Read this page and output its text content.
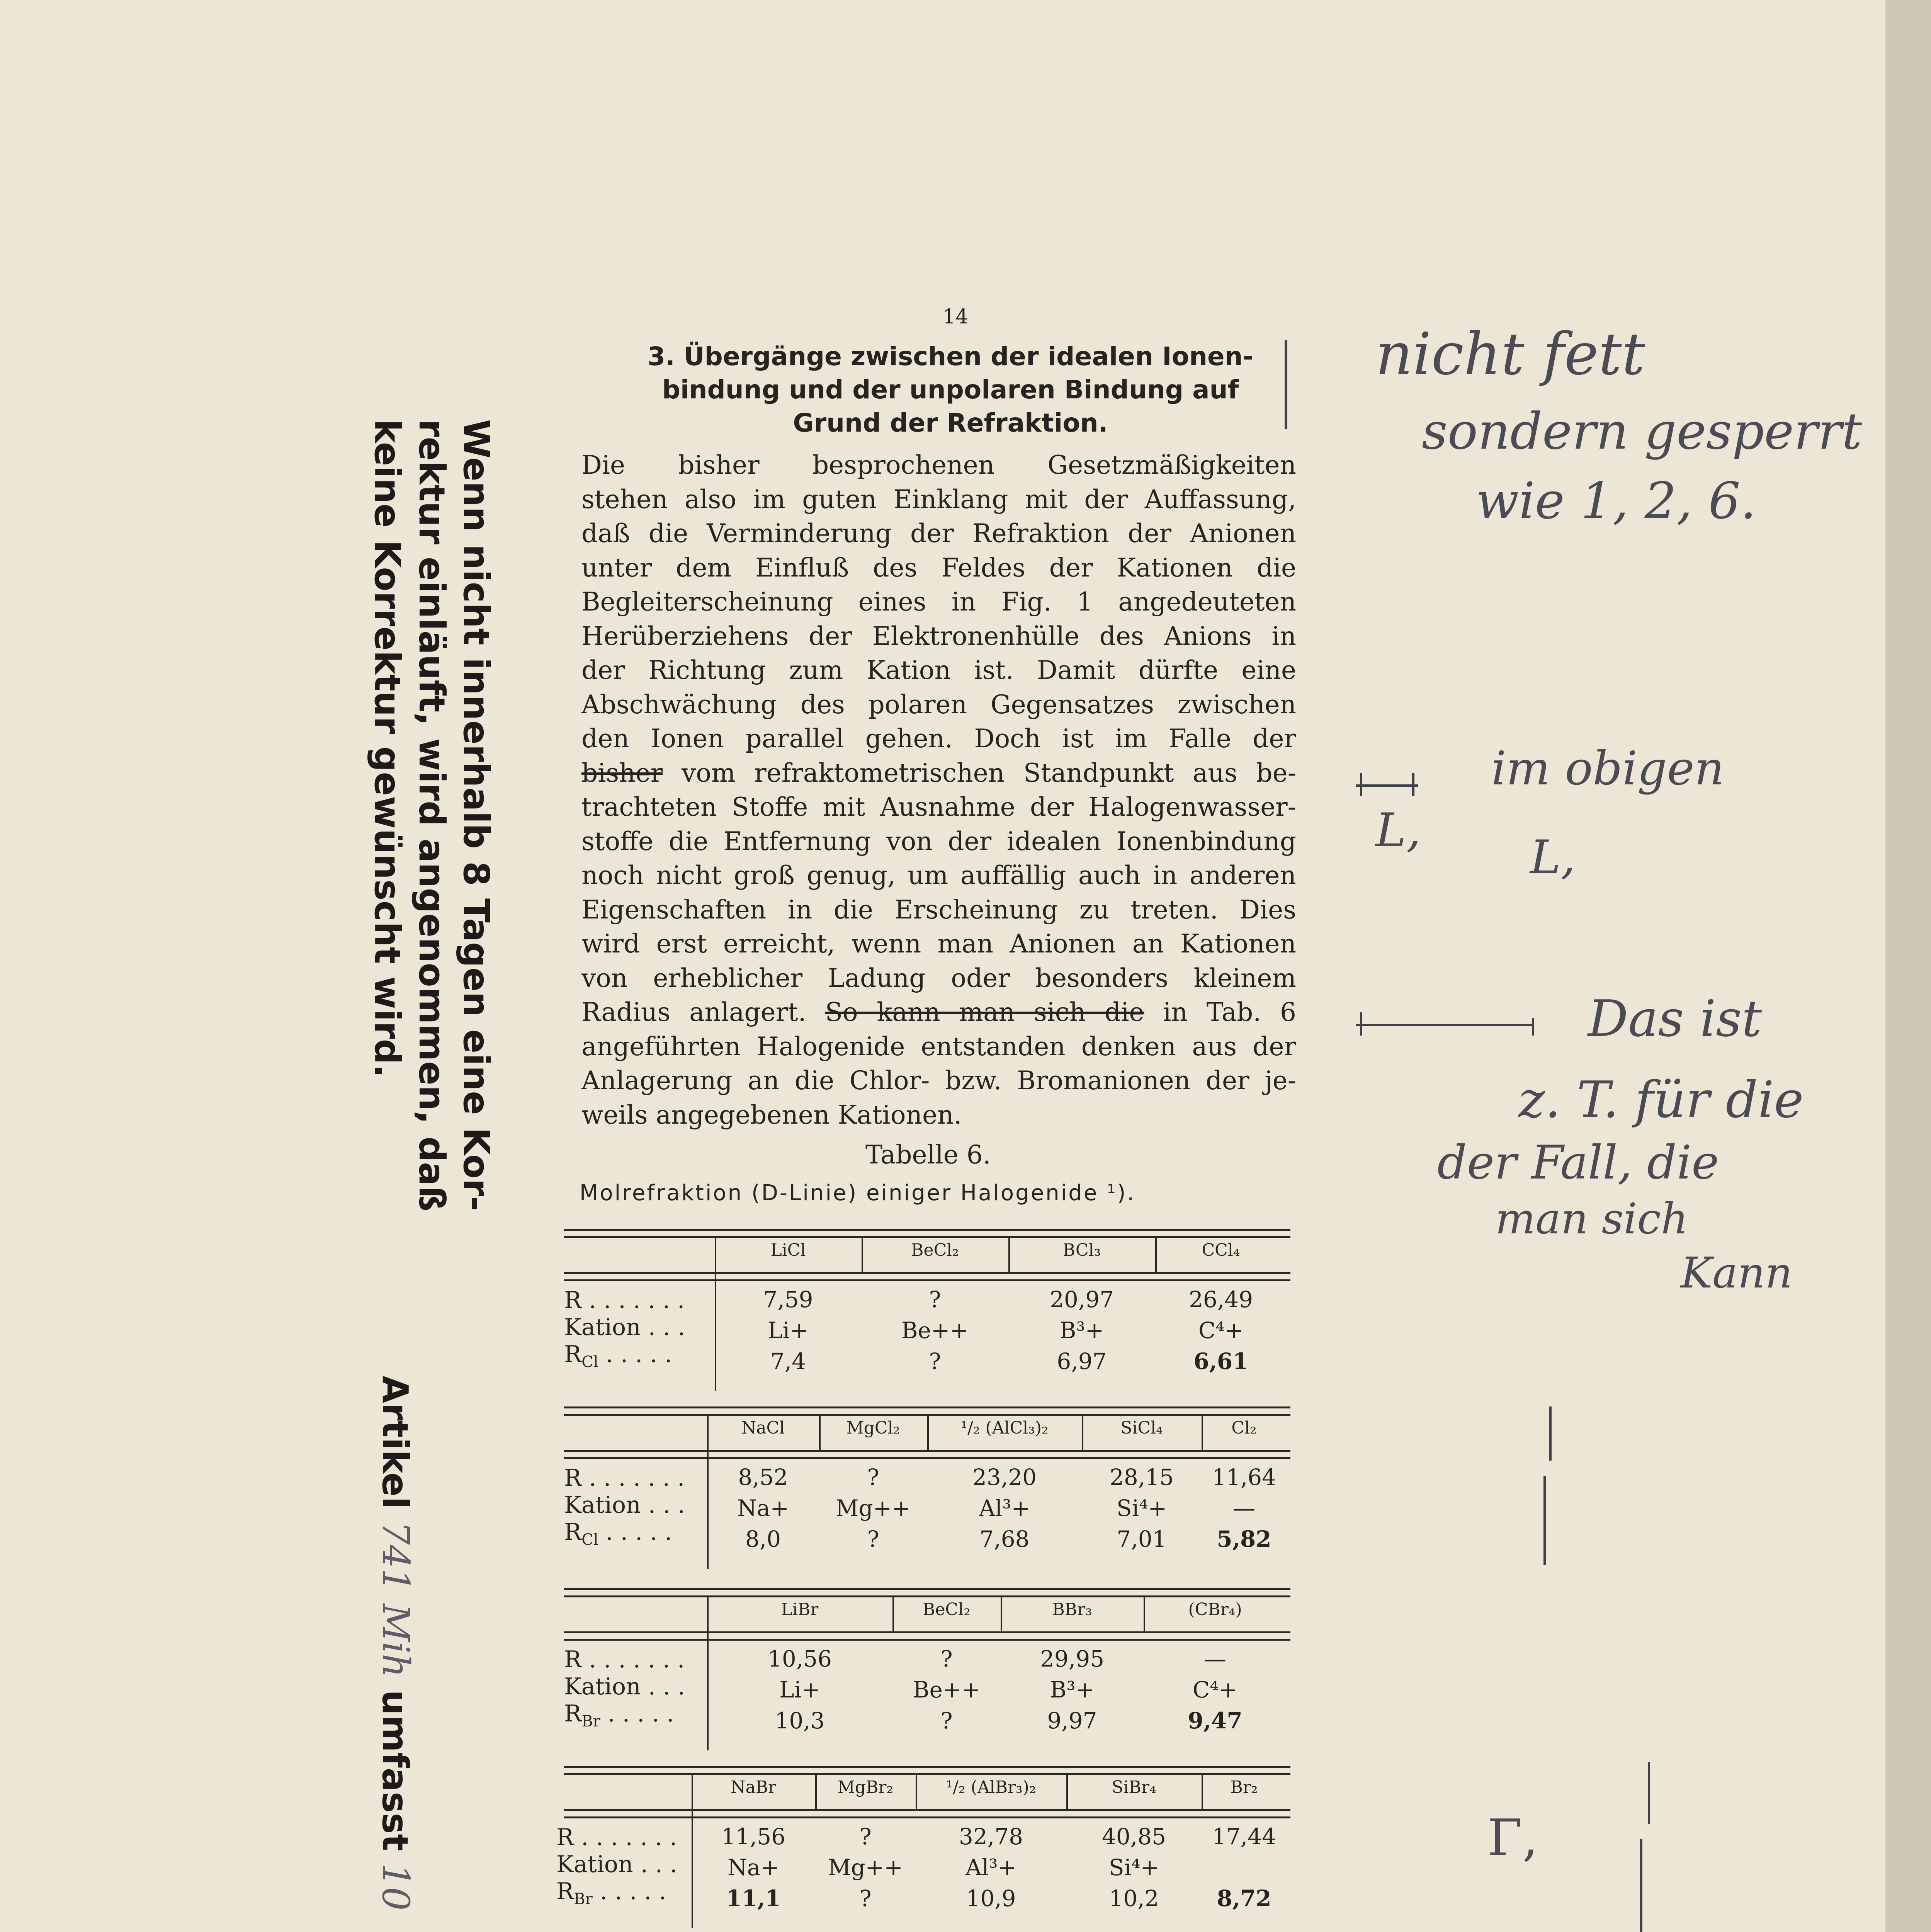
14
3. Übergänge zwischen der idealen Ionen-
bindung und der unpolaren Bindung auf
Grund der Refraktion.
Die bisher besprochenen Gesetzmäßigkeiten
stehen also im guten Einklang mit der Auffassung,
daß die Verminderung der Refraktion der Anionen
unter dem Einfluß des Feldes der Kationen die
Begleiterscheinung eines in Fig. 1 angedeuteten
Herüberziehens der Elektronenhülle des Anions in
der Richtung zum Kation ist. Damit dürfte eine
Abschwächung des polaren Gegensatzes zwischen
den Ionen parallel gehen. Doch ist im Falle der
bisher vom refraktometrischen Standpunkt aus be-
trachteten Stoffe mit Ausnahme der Halogenwasser-
stoffe die Entfernung von der idealen Ionenbindung
noch nicht groß genug, um auffällig auch in anderen
Eigenschaften in die Erscheinung zu treten. Dies
wird erst erreicht, wenn man Anionen an Kationen
von erheblicher Ladung oder besonders kleinem
Radius anlagert. So kann man sich die in Tab. 6
angeführten Halogenide entstanden denken aus der
Anlagerung an die Chlor- bzw. Bromanionen der je-
weils angegebenen Kationen.
Tabelle 6.
Molrefraktion (D-Linie) einiger Halogenide ¹).
LiCl
7,59
Li+
7,4
BeCl₂
?
Be++
?
BCl₃
20,97
B³+
6,97
CCl₄
26,49
C⁴+
6,61
R . . . . . . .
Kation . . .
$R_{Cl}$ . . . . .
NaCl
8,52
Na+
8,0
MgCl₂
?
Mg++
?
¹/₂ (AlCl₃)₂
23,20
Al³+
7,68
SiCl₄
28,15
Si⁴+
7,01
Cl₂
11,64
—
5,82
R . . . . . . .
Kation . . .
$R_{Cl}$ . . . . .
LiBr
10,56
Li+
10,3
BeCl₂
?
Be++
?
BBr₃
29,95
B³+
9,97
(CBr₄)
—
C⁴+
9,47
R . . . . . . .
Kation . . .
$R_{Br}$ . . . . .
NaBr
11,56
Na+
11,1
MgBr₂
?
Mg++
?
¹/₂ (AlBr₃)₂
32,78
Al³+
10,9
SiBr₄
40,85
Si⁴+
10,2
Br₂
17,44
8,72
R . . . . . . .
Kation . . .
$R_{Br}$ . . . . .
Wenn nicht innerhalb 8 Tagen eine Kor-
rektur einläuft, wird angenommen, daß
keine Korrektur gewünscht wird.
Artikel 741 Mih umfasst 10
nicht fett
sondern gesperrt
wie 1, 2, 6.
im obigen
L,
L,
Das ist
z. T. für die
der Fall, die
man sich
Kann
Γ,
